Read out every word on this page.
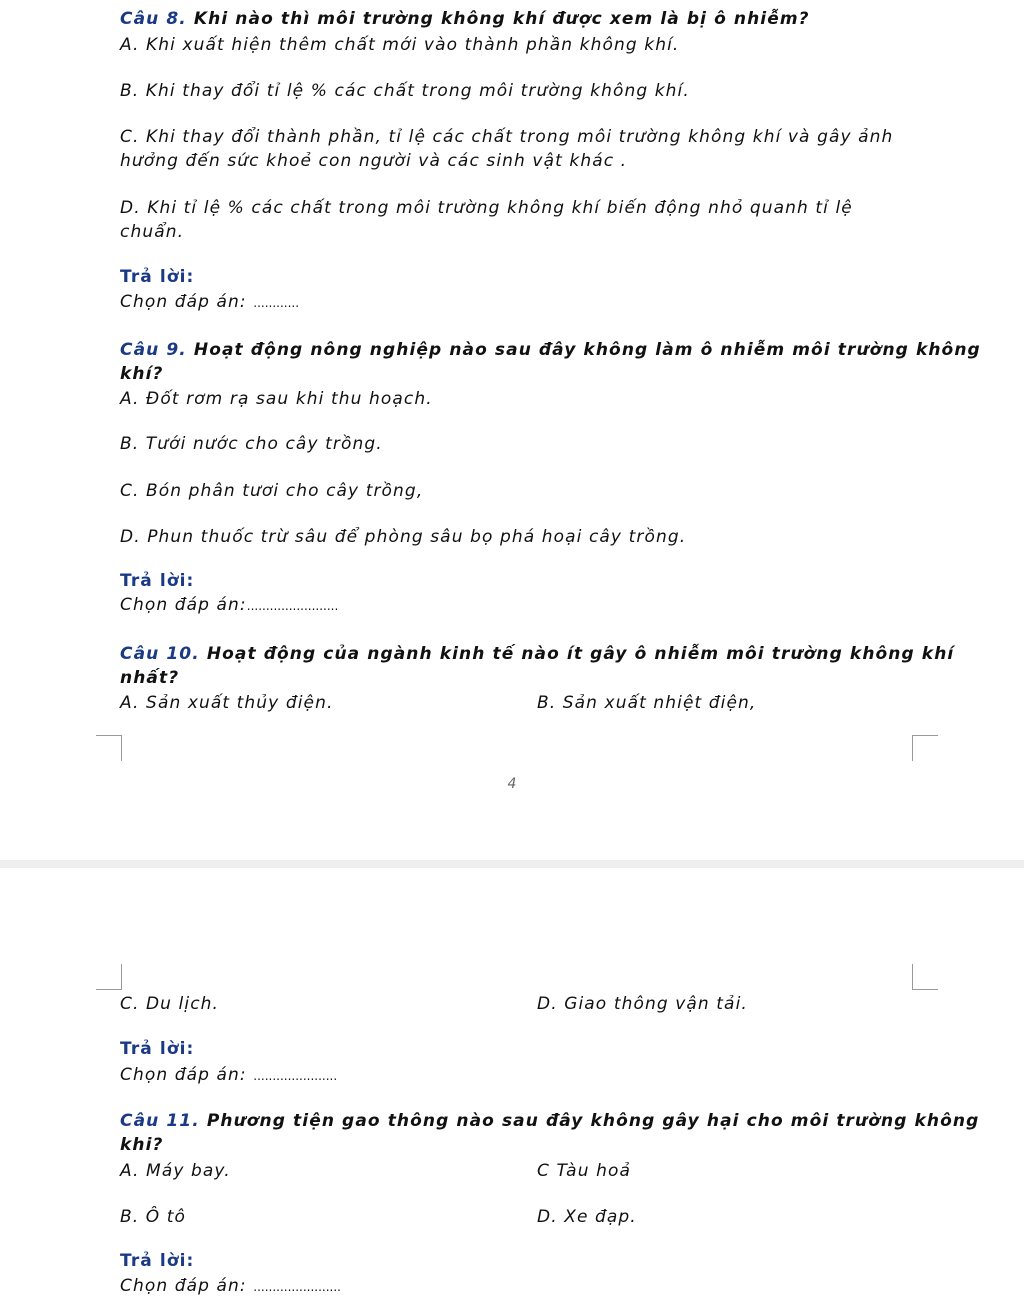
Câu 8. Khi nào thì môi trường không khí được xem là bị ô nhiễm?
A. Khi xuất hiện thêm chất mới vào thành phần không khí.
B. Khi thay đổi tỉ lệ % các chất trong môi trường không khí.
C. Khi thay đổi thành phần, tỉ lệ các chất trong môi trường không khí và gây ảnh
hưởng đến sức khoẻ con người và các sinh vật khác .
D. Khi tỉ lệ % các chất trong môi trường không khí biến động nhỏ quanh tỉ lệ
chuẩn.
Trả lời:
Chọn đáp án: ............
Câu 9. Hoạt động nông nghiệp nào sau đây không làm ô nhiễm môi trường không
khí?
A. Đốt rơm rạ sau khi thu hoạch.
B. Tưới nước cho cây trồng.
C. Bón phân tươi cho cây trồng,
D. Phun thuốc trừ sâu để phòng sâu bọ phá hoại cây trồng.
Trả lời:
Chọn đáp án:........................
Câu 10. Hoạt động của ngành kinh tế nào ít gây ô nhiễm môi trường không khí
nhất?
A. Sản xuất thủy điện.	B. Sản xuất nhiệt điện,
4
C. Du lịch.	D. Giao thông vận tải.
Trả lời:
Chọn đáp án: ......................
Câu 11. Phương tiện gao thông nào sau đây không gây hại cho môi trường không
khi?
A. Máy bay.	C Tàu hoả
B. Ô tô	D. Xe đạp.
Trả lời:
Chọn đáp án: .......................
